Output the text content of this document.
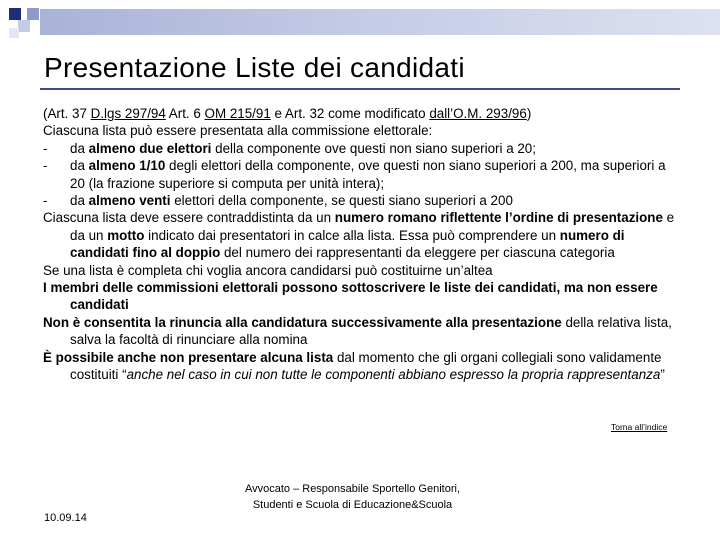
Presentazione Liste dei candidati
(Art. 37 D.lgs 297/94 Art. 6 OM 215/91 e Art. 32 come modificato dall’O.M. 293/96)
Ciascuna lista può essere presentata alla commissione elettorale:
- da almeno due elettori della componente ove questi non siano superiori a 20;
- da almeno 1/10 degli elettori della componente, ove questi non siano superiori a 200, ma superiori a 20 (la frazione superiore si computa per unità intera);
- da almeno venti elettori della componente, se questi siano superiori a 200
Ciascuna lista deve essere contraddistinta da un numero romano riflettente l’ordine di presentazione e da un motto indicato dai presentatori in calce alla lista. Essa può comprendere un numero di candidati fino al doppio del numero dei rappresentanti da eleggere per ciascuna categoria
Se una lista è completa chi voglia ancora candidarsi può costituirne un’altea
I membri delle commissioni elettorali possono sottoscrivere le liste dei candidati, ma non essere candidati
Non è consentita la rinuncia alla candidatura successivamente alla presentazione della relativa lista, salva la facoltà di rinunciare alla nomina
È possibile anche non presentare alcuna lista dal momento che gli organi collegiali sono validamente costituiti “anche nel caso in cui non tutte le componenti abbiano espresso la propria rappresentanza”
Torna all’indice
10.09.14
Avvocato – Responsabile Sportello Genitori, Studenti e Scuola di Educazione&Scuola
